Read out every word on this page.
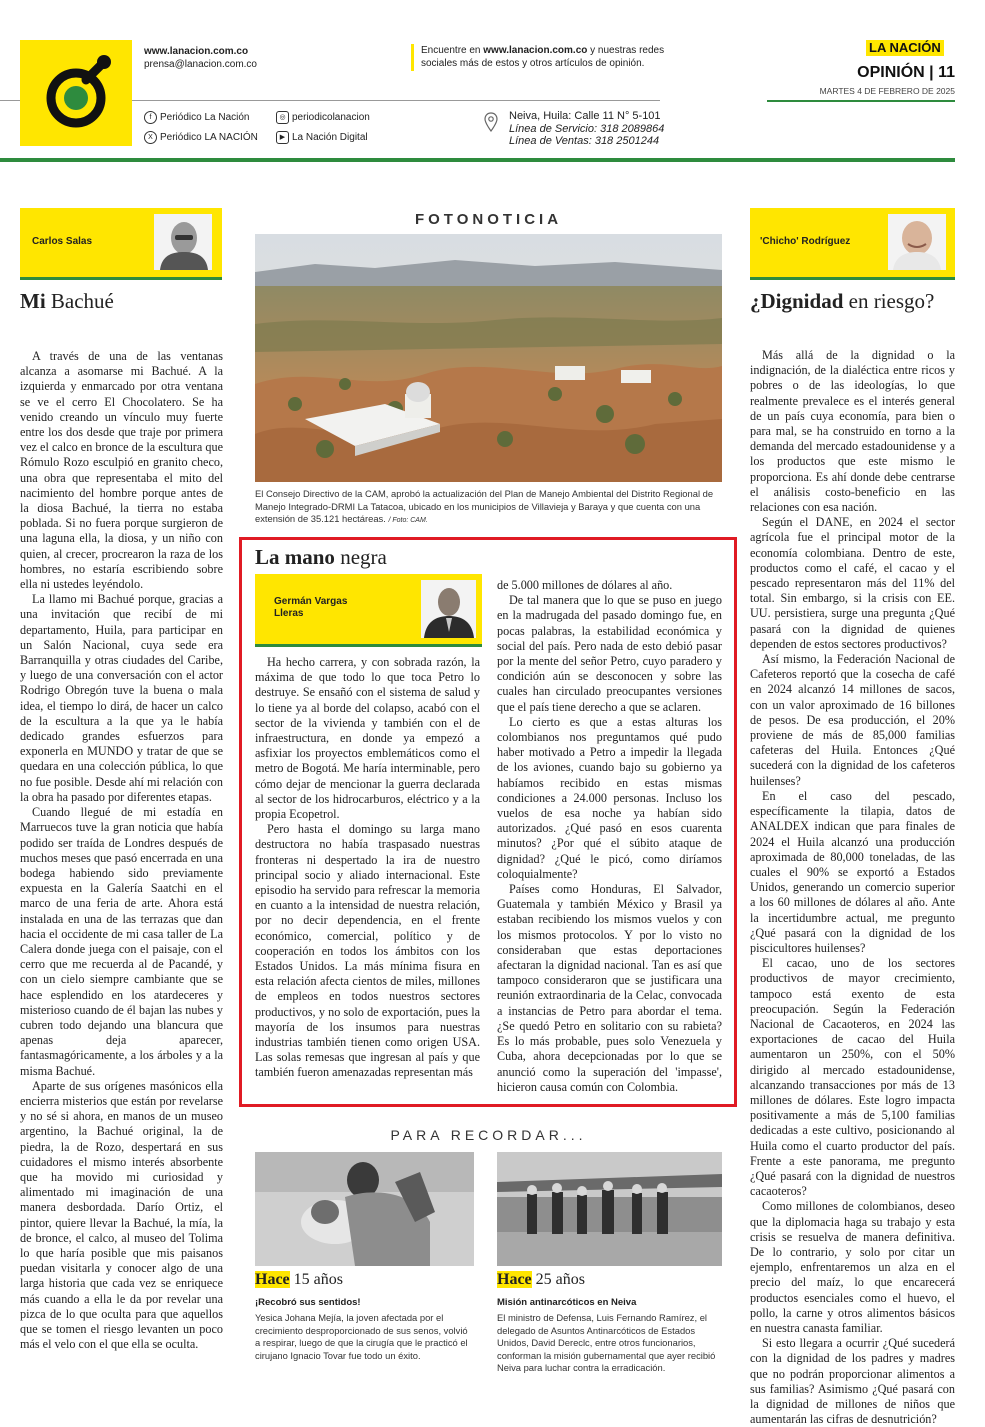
www.lanacion.com.co
prensa@lanacion.com.co
Encuentre en www.lanacion.com.co y nuestras redes
sociales más de estos y otros artículos de opinión.
f Periódico La Nación
X Periódico LA NACIÓN
◎ periodicolanacion
▶ La Nación Digital
Neiva, Huila: Calle 11 N° 5-101
Línea de Servicio: 318 2089864
Línea de Ventas: 318 2501244
LA NACIÓN
OPINIÓN | 11
MARTES 4 DE FEBRERO DE 2025
Carlos Salas
Mi Bachué

A través de una de las ventanas alcanza a asomarse mi Bachué. A la izquierda y enmarcado por otra ventana se ve el cerro El Chocolatero. Se ha venido creando un vínculo muy fuerte entre los dos desde que traje por primera vez el calco en bronce de la escultura que Rómulo Rozo esculpió en granito checo, una obra que representaba el mito del nacimiento del hombre porque antes de la diosa Bachué, la tierra no estaba poblada. Si no fuera porque surgieron de una laguna ella, la diosa, y un niño con quien, al crecer, procrearon la raza de los hombres, no estaría escribiendo sobre ella ni ustedes leyéndolo.

La llamo mi Bachué porque, gracias a una invitación que recibí de mi departamento, Huila, para participar en un Salón Nacional, cuya sede era Barranquilla y otras ciudades del Caribe, y luego de una conversación con el actor Rodrigo Obregón tuve la buena o mala idea, el tiempo lo dirá, de hacer un calco de la escultura a la que ya le había dedicado grandes esfuerzos para exponerla en MUNDO y tratar de que se quedara en una colección pública, lo que no fue posible. Desde ahí mi relación con la obra ha pasado por diferentes etapas.

Cuando llegué de mi estadía en Marruecos tuve la gran noticia que había podido ser traída de Londres después de muchos meses que pasó encerrada en una bodega habiendo sido previamente expuesta en la Galería Saatchi en el marco de una feria de arte. Ahora está instalada en una de las terrazas que dan hacia el occidente de mi casa taller de La Calera donde juega con el paisaje, con el cerro que me recuerda al de Pacandé, y con un cielo siempre cambiante que se hace esplendido en los atardeceres y misterioso cuando de él bajan las nubes y cubren todo dejando una blancura que apenas deja aparecer, fantasmagóricamente, a los árboles y a la misma Bachué.

Aparte de sus orígenes masónicos ella encierra misterios que están por revelarse y no sé si ahora, en manos de un museo argentino, la Bachué original, la de piedra, la de Rozo, despertará en sus cuidadores el mismo interés absorbente que ha movido mi curiosidad y alimentado mi imaginación de una manera desbordada. Darío Ortiz, el pintor, quiere llevar la Bachué, la mía, la de bronce, el calco, al museo del Tolima lo que haría posible que mis paisanos puedan visitarla y conocer algo de una larga historia que cada vez se enriquece más cuando a ella le da por revelar una pizca de lo que oculta para que aquellos que se tomen el riesgo levanten un poco más el velo con el que ella se oculta.

FOTONOTICIA
El Consejo Directivo de la CAM, aprobó la actualización del Plan de Manejo Ambiental del Distrito Regional de Manejo Integrado-DRMI La Tatacoa, ubicado en los municipios de Villavieja y Baraya y que cuenta con una extensión de 35.121 hectáreas. / Foto: CAM.
La mano negra
Germán Vargas Lleras

Ha hecho carrera, y con sobrada razón, la máxima de que todo lo que toca Petro lo destruye. Se ensañó con el sistema de salud y lo tiene ya al borde del colapso, acabó con el sector de la vivienda y también con el de infraestructura, en donde ya empezó a asfixiar los proyectos emblemáticos como el metro de Bogotá. Me haría interminable, pero cómo dejar de mencionar la guerra declarada al sector de los hidrocarburos, eléctrico y a la propia Ecopetrol.

Pero hasta el domingo su larga mano destructora no había traspasado nuestras fronteras ni despertado la ira de nuestro principal socio y aliado internacional. Este episodio ha servido para refrescar la memoria en cuanto a la intensidad de nuestra relación, por no decir dependencia, en el frente económico, comercial, político y de cooperación en todos los ámbitos con los Estados Unidos. La más mínima fisura en esta relación afecta cientos de miles, millones de empleos en todos nuestros sectores productivos, y no solo de exportación, pues la mayoría de los insumos para nuestras industrias también tienen como origen USA. Las solas remesas que ingresan al país y que también fueron amenazadas representan más

de 5.000 millones de dólares al año.

De tal manera que lo que se puso en juego en la madrugada del pasado domingo fue, en pocas palabras, la estabilidad económica y social del país. Pero nada de esto debió pasar por la mente del señor Petro, cuyo paradero y condición aún se desconocen y sobre las cuales han circulado preocupantes versiones que el país tiene derecho a que se aclaren.

Lo cierto es que a estas alturas los colombianos nos preguntamos qué pudo haber motivado a Petro a impedir la llegada de los aviones, cuando bajo su gobierno ya habíamos recibido en estas mismas condiciones a 24.000 personas. Incluso los vuelos de esa noche ya habían sido autorizados. ¿Qué pasó en esos cuarenta minutos? ¿Por qué el súbito ataque de dignidad? ¿Qué le picó, como diríamos coloquialmente?

Países como Honduras, El Salvador, Guatemala y también México y Brasil ya estaban recibiendo los mismos vuelos y con los mismos protocolos. Y por lo visto no consideraban que estas deportaciones afectaran la dignidad nacional. Tan es así que tampoco consideraron que se justificara una reunión extraordinaria de la Celac, convocada a instancias de Petro para abordar el tema. ¿Se quedó Petro en solitario con su rabieta? Es lo más probable, pues solo Venezuela y Cuba, ahora decepcionadas por lo que se anunció como la superación del 'impasse', hicieron causa común con Colombia.

PARA RECORDAR...
Hace 15 años
¡Recobró sus sentidos!
Yesica Johana Mejía, la joven afectada por el crecimiento desproporcionado de sus senos, volvió a respirar, luego de que la cirugía que le practicó el cirujano Ignacio Tovar fue todo un éxito.
Hace 25 años
Misión antinarcóticos en Neiva
El ministro de Defensa, Luis Fernando Ramírez, el delegado de Asuntos Antinarcóticos de Estados Unidos, David Dereclc, entre otros funcionarios, conforman la misión gubernamental que ayer recibió Neiva para luchar contra la erradicación.
'Chicho' Rodríguez
¿Dignidad en riesgo?

Más allá de la dignidad o la indignación, de la dialéctica entre ricos y pobres o de las ideologías, lo que realmente prevalece es el interés general de un país cuya economía, para bien o para mal, se ha construido en torno a la demanda del mercado estadounidense y a los productos que este mismo le proporciona. Es ahí donde debe centrarse el análisis costo-beneficio en las relaciones con esa nación.

Según el DANE, en 2024 el sector agrícola fue el principal motor de la economía colombiana. Dentro de este, productos como el café, el cacao y el pescado representaron más del 11% del total. Sin embargo, si la crisis con EE. UU. persistiera, surge una pregunta ¿Qué pasará con la dignidad de quienes dependen de estos sectores productivos?

Así mismo, la Federación Nacional de Cafeteros reportó que la cosecha de café en 2024 alcanzó 14 millones de sacos, con un valor aproximado de 16 billones de pesos. De esa producción, el 20% proviene de más de 85,000 familias cafeteras del Huila. Entonces ¿Qué sucederá con la dignidad de los cafeteros huilenses?

En el caso del pescado, específicamente la tilapia, datos de ANALDEX indican que para finales de 2024 el Huila alcanzó una producción aproximada de 80,000 toneladas, de las cuales el 90% se exportó a Estados Unidos, generando un comercio superior a los 60 millones de dólares al año. Ante la incertidumbre actual, me pregunto ¿Qué pasará con la dignidad de los piscicultores huilenses?

El cacao, uno de los sectores productivos de mayor crecimiento, tampoco está exento de esta preocupación. Según la Federación Nacional de Cacaoteros, en 2024 las exportaciones de cacao del Huila aumentaron un 250%, con el 50% dirigido al mercado estadounidense, alcanzando transacciones por más de 13 millones de dólares. Este logro impacta positivamente a más de 5,100 familias dedicadas a este cultivo, posicionando al Huila como el cuarto productor del país. Frente a este panorama, me pregunto ¿Qué pasará con la dignidad de nuestros cacaoteros?

Como millones de colombianos, deseo que la diplomacia haga su trabajo y esta crisis se resuelva de manera definitiva. De lo contrario, y solo por citar un ejemplo, enfrentaremos un alza en el precio del maíz, lo que encarecerá productos esenciales como el huevo, el pollo, la carne y otros alimentos básicos en nuestra canasta familiar.

Si esto llegara a ocurrir ¿Qué sucederá con la dignidad de los padres y madres que no podrán proporcionar alimentos a sus familias? Asimismo ¿Qué pasará con la dignidad de millones de niños que aumentarán las cifras de desnutrición?
